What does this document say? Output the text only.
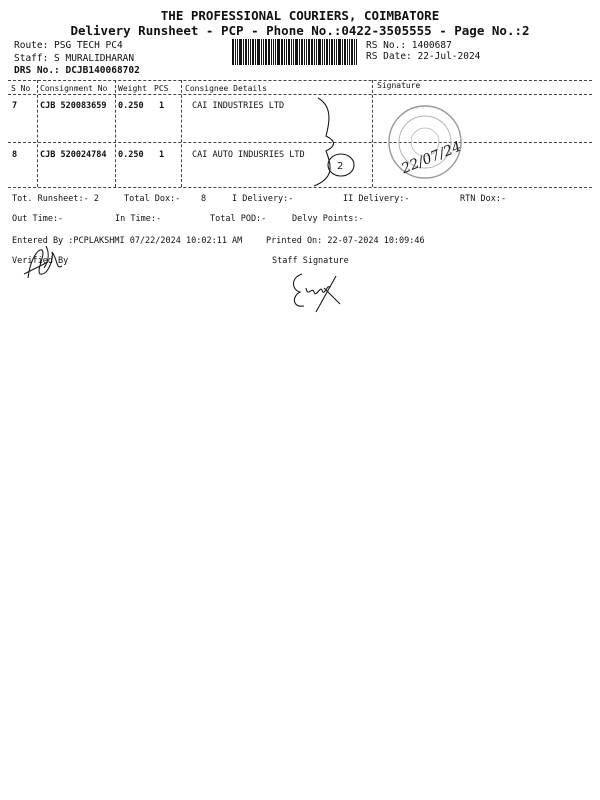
THE PROFESSIONAL COURIERS, COIMBATORE
Delivery Runsheet - PCP - Phone No.:0422-3505555 - Page No.:2
Route: PSG TECH PC4
Staff: S MURALIDHARAN
DRS No.: DCJB140068702
RS No.: 1400687
RS Date: 22-Jul-2024
S No Consignment No Weight PCS Consignee Details	Signature
7	CJB 520083659 0.250 1	CAI INDUSTRIES LTD
8	CJB 520024784 0.250 1	CAI AUTO INDUSRIES LTD
2
◦ ◦ ◦
22/07/24
Tot. Runsheet:- 2	Total Dox:- 8	I Delivery:-	II Delivery:-	RTN Dox:-
Out Time:-	In Time:-	Total POD:-	Delvy Points:-
Entered By :PCPLAKSHMI 07/22/2024 10:02:11 AM	Printed On: 22-07-2024 10:09:46
Verified By	Staff Signature
